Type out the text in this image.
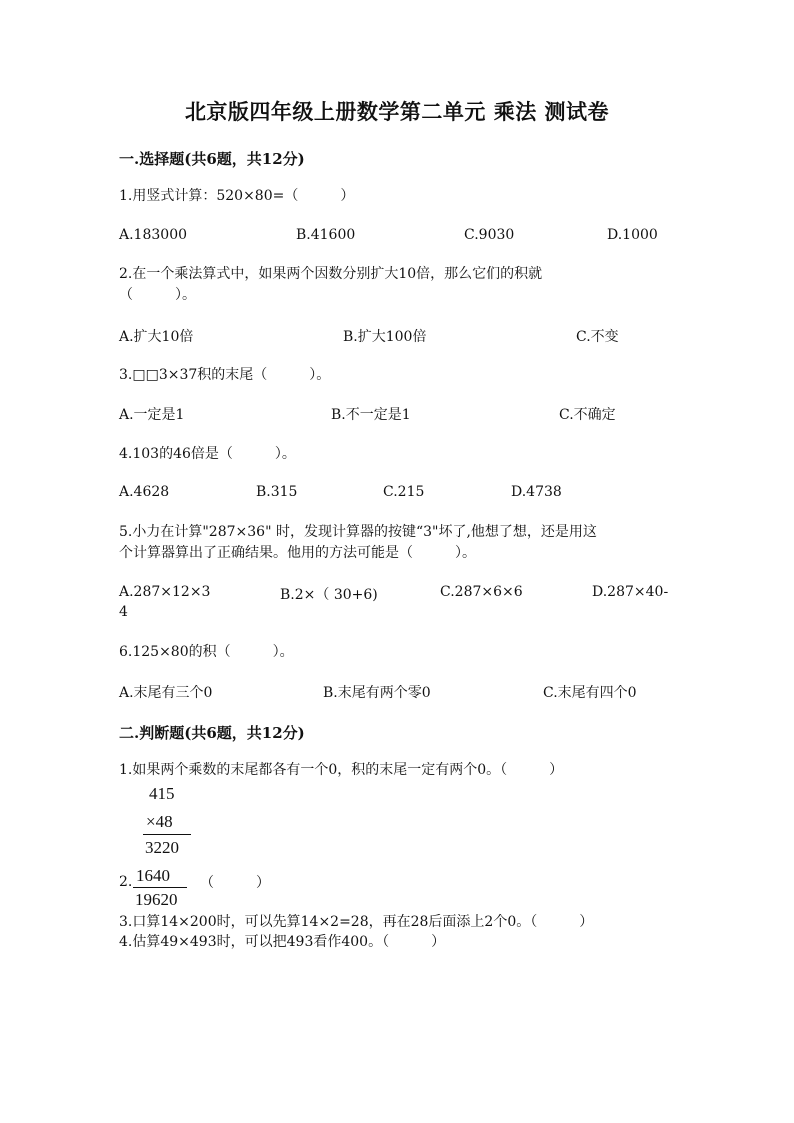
北京版四年级上册数学第二单元 乘法 测试卷
一.选择题(共6题，共12分)
1.用竖式计算：520×80=（　　　）
A.183000	B.41600	C.9030	D.1000
2.在一个乘法算式中，如果两个因数分别扩大10倍，那么它们的积就
（　　　）。
A.扩大10倍	B.扩大100倍	C.不变
3.□□3×37积的末尾（　　　）。
A.一定是1	B.不一定是1	C.不确定
4.103的46倍是（　　　）。
A.4628	B.315	C.215	D.4738
5.小力在计算"287×36" 时，发现计算器的按键“3"坏了,他想了想，还是用这
个计算器算出了正确结果。他用的方法可能是（　　　）。
A.287×12×3	B.2×（ 30+6)	C.287×6×6	D.287×40-
4
6.125×80的积（　　　）。
A.末尾有三个0	B.末尾有两个零0	C.末尾有四个0
二.判断题(共6题，共12分)
1.如果两个乘数的末尾都各有一个0，积的末尾一定有两个0。（　　　）
415
×48
3220
2. 1640
19620
（　　　）
3.口算14×200时，可以先算14×2=28，再在28后面添上2个0。（　　　）
4.估算49×493时，可以把493看作400。（　　　）
